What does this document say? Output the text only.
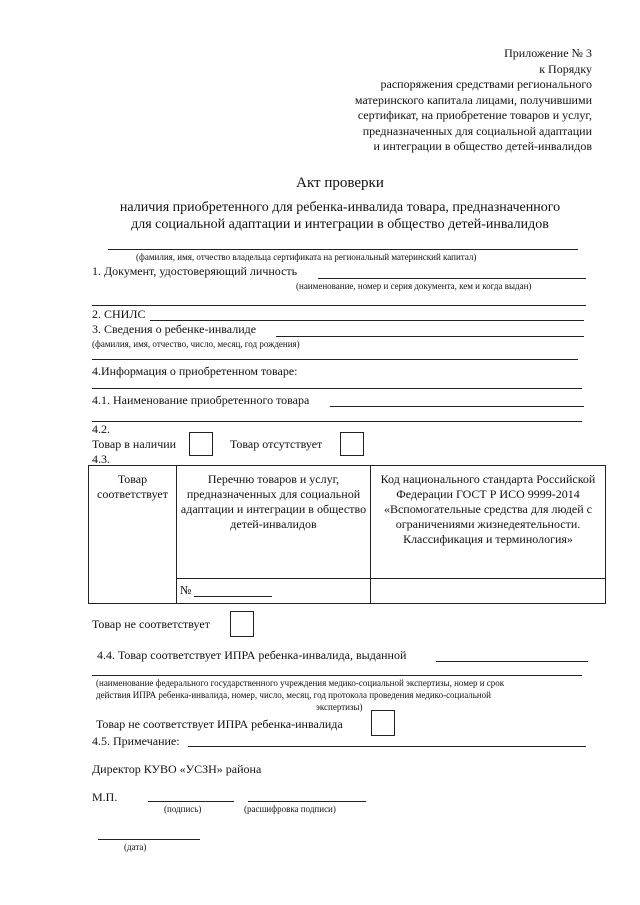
Приложение № 3
к Порядку
распоряжения средствами регионального
материнского капитала лицами, получившими
сертификат, на приобретение товаров и услуг,
предназначенных для социальной адаптации
и интеграции в общество детей-инвалидов
Акт проверки
наличия приобретенного для ребенка-инвалида товара, предназначенного
для социальной адаптации и интеграции в общество детей-инвалидов
(фамилия, имя, отчество владельца сертификата на региональный материнский капитал)
1. Документ, удостоверяющий личность
(наименование, номер и серия документа, кем и когда выдан)
2. СНИЛС
3. Сведения о ребенке-инвалиде
(фамилия, имя, отчество, число, месяц, год рождения)
4.Информация о приобретенном товаре:
4.1. Наименование приобретенного товара
4.2.
Товар в наличии	Товар отсутствует
4.3.
Товар соответствует
Перечню товаров и услуг, предназначенных для социальной адаптации и интеграции в общество детей-инвалидов
Код национального стандарта Российской Федерации ГОСТ Р ИСО 9999-2014 «Вспомогательные средства для людей с ограничениями жизнедеятельности. Классификация и терминология»
№
Товар не соответствует
4.4. Товар соответствует ИПРА ребенка-инвалида, выданной
(наименование федерального государственного учреждения медико-социальной экспертизы, номер и срок
действия ИПРА ребенка-инвалида, номер, число, месяц, год протокола проведения медико-социальной
экспертизы)
Товар не соответствует ИПРА ребенка-инвалида
4.5. Примечание:
Директор КУВО «УСЗН» района
М.П.
(подпись)	(расшифровка подписи)
(дата)
